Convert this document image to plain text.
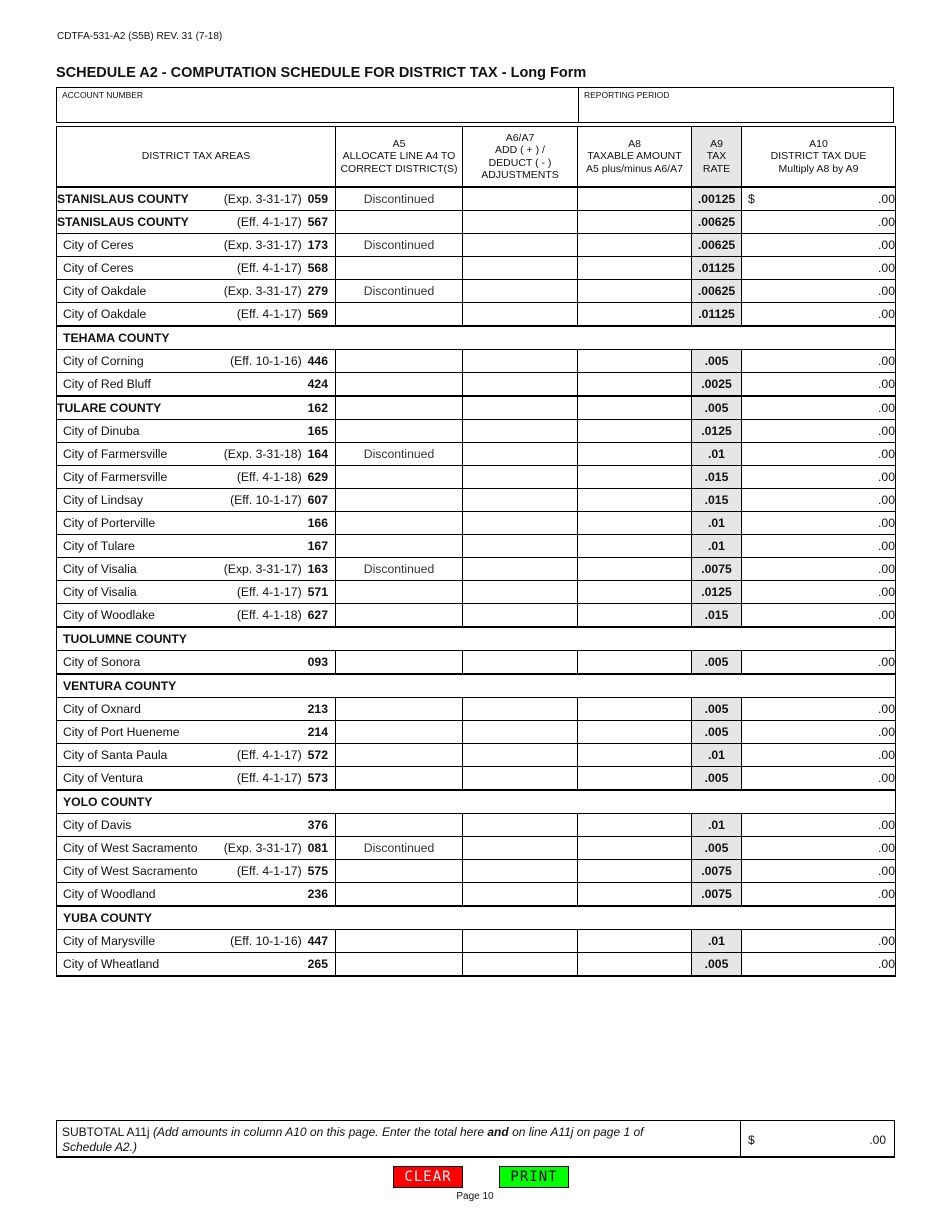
CDTFA-531-A2 (S5B) REV. 31 (7-18)
SCHEDULE A2 - COMPUTATION SCHEDULE FOR DISTRICT TAX - Long Form
ACCOUNT NUMBER	REPORTING PERIOD
DISTRICT TAX AREAS	A5
ALLOCATE LINE A4 TO
CORRECT DISTRICT(S)	A6/A7
ADD ( + ) /
DEDUCT ( - )
ADJUSTMENTS	A8
TAXABLE AMOUNT
A5 plus/minus A6/A7	A9
TAX
RATE	A10
DISTRICT TAX DUE
Multiply A8 by A9
STANISLAUS COUNTY (Exp. 3-31-17) 059	Discontinued			.00125	$ .00
STANISLAUS COUNTY (Eff. 4-1-17) 567				.00625	.00
City of Ceres (Exp. 3-31-17) 173	Discontinued			.00625	.00
City of Ceres (Eff. 4-1-17) 568				.01125	.00
City of Oakdale (Exp. 3-31-17) 279	Discontinued			.00625	.00
City of Oakdale (Eff. 4-1-17) 569				.01125	.00
TEHAMA COUNTY					
City of Corning (Eff. 10-1-16) 446				.005	.00
City of Red Bluff 424				.0025	.00
TULARE COUNTY 162				.005	.00
City of Dinuba 165				.0125	.00
City of Farmersville (Exp. 3-31-18) 164	Discontinued			.01	.00
City of Farmersville (Eff. 4-1-18) 629				.015	.00
City of Lindsay (Eff. 10-1-17) 607				.015	.00
City of Porterville 166				.01	.00
City of Tulare 167				.01	.00
City of Visalia (Exp. 3-31-17) 163	Discontinued			.0075	.00
City of Visalia (Eff. 4-1-17) 571				.0125	.00
City of Woodlake (Eff. 4-1-18) 627				.015	.00
TUOLUMNE COUNTY					
City of Sonora 093				.005	.00
VENTURA COUNTY					
City of Oxnard 213				.005	.00
City of Port Hueneme 214				.005	.00
City of Santa Paula (Eff. 4-1-17) 572				.01	.00
City of Ventura (Eff. 4-1-17) 573				.005	.00
YOLO COUNTY					
City of Davis 376				.01	.00
City of West Sacramento (Exp. 3-31-17) 081	Discontinued			.005	.00
City of West Sacramento (Eff. 4-1-17) 575				.0075	.00
City of Woodland 236				.0075	.00
YUBA COUNTY					
City of Marysville (Eff. 10-1-16) 447				.01	.00
City of Wheatland 265				.005	.00
SUBTOTAL A11j (Add amounts in column A10 on this page. Enter the total here and on line A11j on page 1 of Schedule A2.)	$	.00
CLEAR	PRINT
Page 10
